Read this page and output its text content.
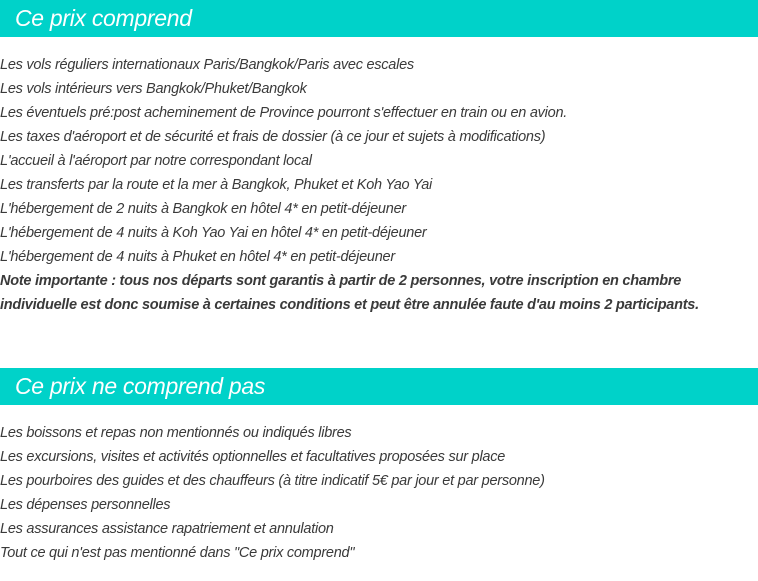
Ce prix comprend
Les vols réguliers internationaux Paris/Bangkok/Paris avec escales
Les vols intérieurs vers Bangkok/Phuket/Bangkok
Les éventuels pré:post acheminement de Province pourront s'effectuer en train ou en avion.
Les taxes d'aéroport et de sécurité et frais de dossier (à ce jour et sujets à modifications)
L'accueil à l'aéroport par notre correspondant local
Les transferts par la route et la mer à Bangkok, Phuket et Koh Yao Yai
L'hébergement de 2 nuits à Bangkok en hôtel 4* en petit-déjeuner
L'hébergement de 4 nuits à Koh Yao Yai en hôtel 4* en petit-déjeuner
L'hébergement de 4 nuits à Phuket en hôtel 4* en petit-déjeuner
Note importante : tous nos départs sont garantis à partir de 2 personnes, votre inscription en chambre individuelle est donc soumise à certaines conditions et peut être annulée faute d'au moins 2 participants.
Ce prix ne comprend pas
Les boissons et repas non mentionnés ou indiqués libres
Les excursions, visites et activités optionnelles et facultatives proposées sur place
Les pourboires des guides et des chauffeurs (à titre indicatif 5€ par jour et par personne)
Les dépenses personnelles
Les assurances assistance rapatriement et annulation
Tout ce qui n'est pas mentionné dans "Ce prix comprend"
